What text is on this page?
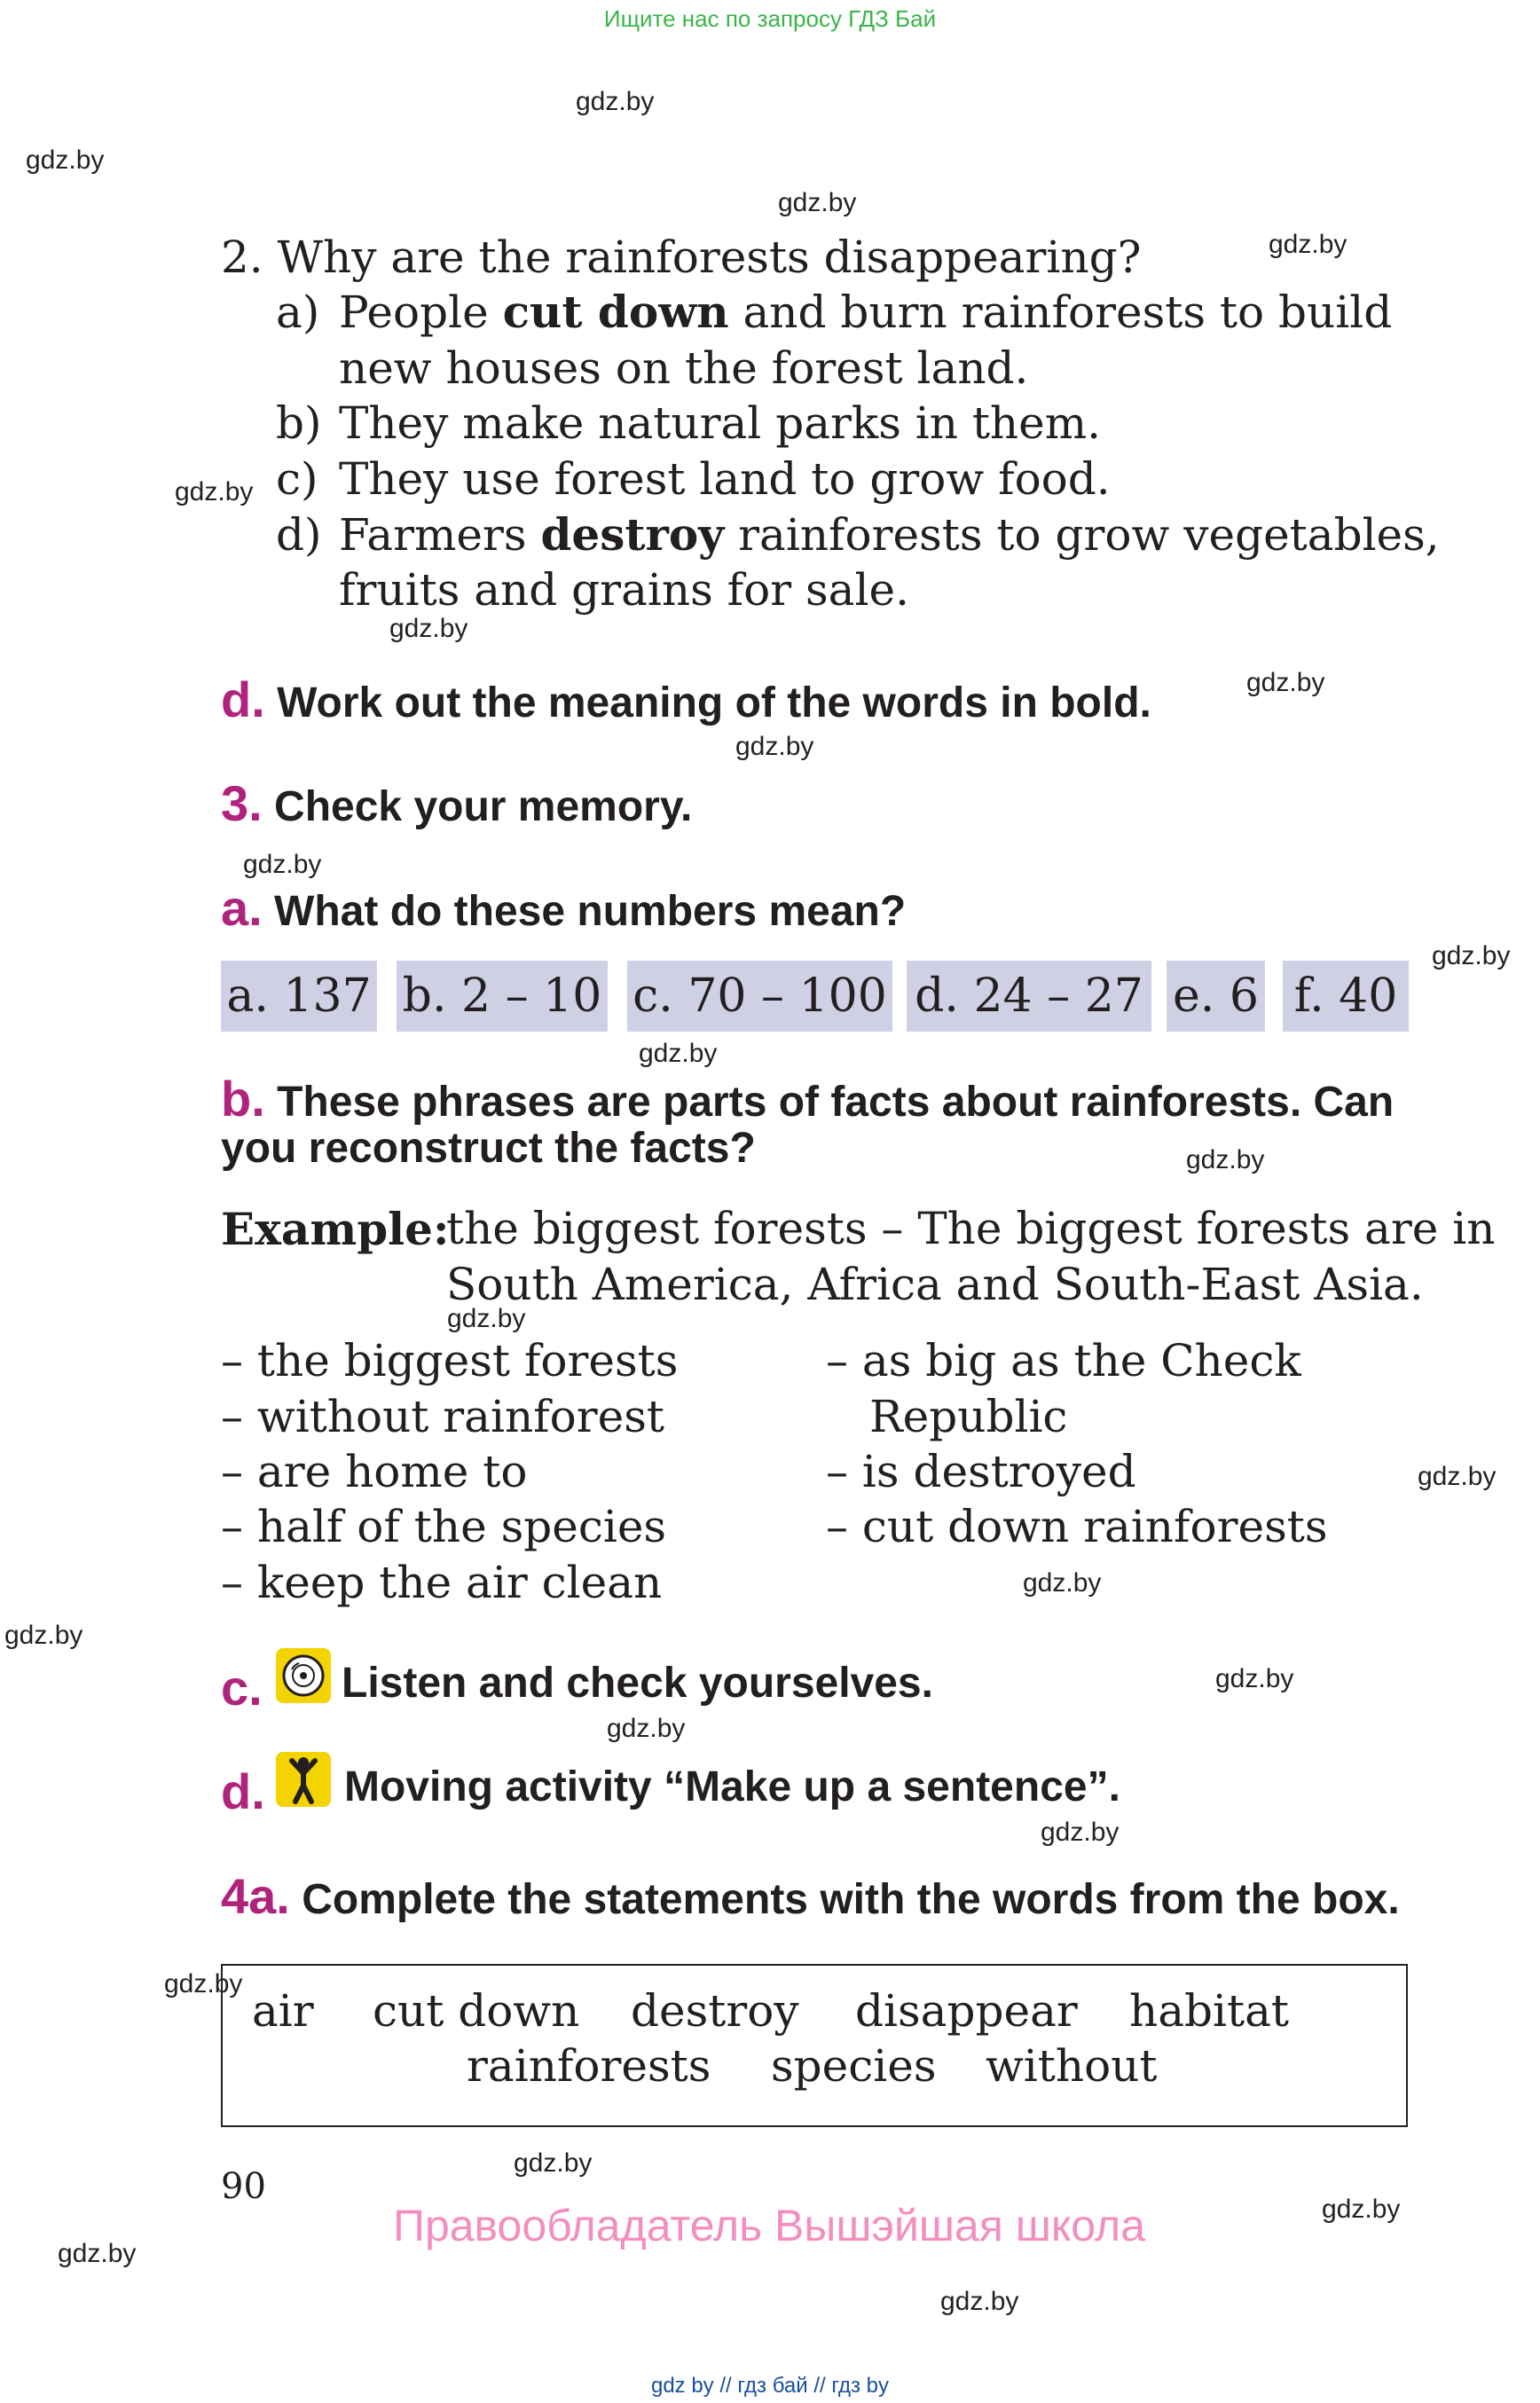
Ищите нас по запросу ГДЗ Бай
gdz.by
gdz.by
gdz.by
gdz.by
gdz.by
gdz.by
gdz.by
gdz.by
gdz.by
gdz.by
gdz.by
gdz.by
gdz.by
gdz.by
gdz.by
gdz.by
gdz.by
gdz.by
gdz.by
gdz.by
gdz.by
gdz.by
gdz.by
gdz.by
2. Why are the rainforests disappearing?
a) People cut down and burn rainforests to build
new houses on the forest land.
b) They make natural parks in them.
c) They use forest land to grow food.
d) Farmers destroy rainforests to grow vegetables,
fruits and grains for sale.
d. Work out the meaning of the words in bold.
3. Check your memory.
a. What do these numbers mean?
a. 137 b. 2 – 10 c. 70 – 100 d. 24 – 27 e. 6 f. 40
b. These phrases are parts of facts about rainforests. Can
you reconstruct the facts?
Example:
the biggest forests – The biggest forests are in
South America, Africa and South-East Asia.
– the biggest forests
– without rainforest
– are home to
– half of the species
– keep the air clean
– as big as the Check
Republic
– is destroyed
– cut down rainforests
c. Listen and check yourselves.
d. Moving activity “Make up a sentence”.
4a. Complete the statements with the words from the box.
air cut down destroy disappear habitat
rainforests species without
90
Правообладатель Вышэйшая школа
gdz by // гдз бай // гдз by
